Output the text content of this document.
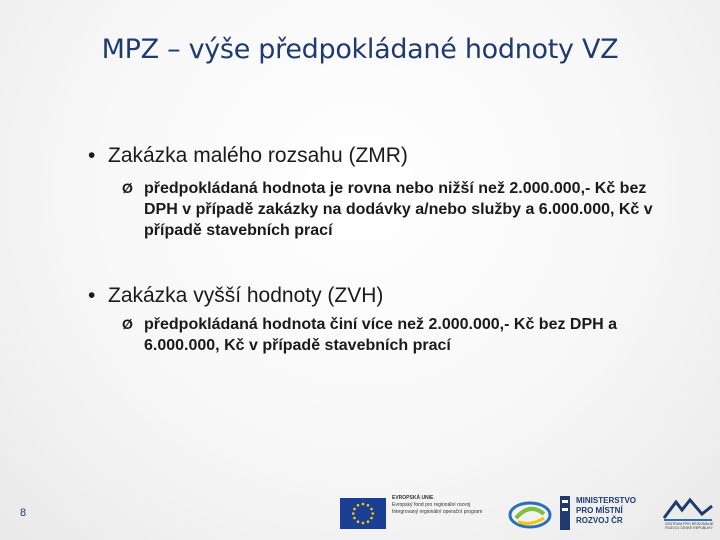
MPZ – výše předpokládané hodnoty VZ
• Zakázka malého rozsahu (ZMR)
Ø předpokládaná hodnota je rovna nebo nižší než 2.000.000,- Kč bez DPH v případě zakázky na dodávky a/nebo služby a 6.000.000, Kč v případě stavebních prací
• Zakázka vyšší hodnoty (ZVH)
Ø předpokládaná hodnota činí více než 2.000.000,- Kč bez DPH a 6.000.000, Kč v případě stavebních prací
8
EVROPSKÁ UNIE
Evropský fond pro regionální rozvoj
Integrovaný regionální operační program
MINISTERSTVO
PRO MÍSTNÍ
ROZVOJ ČR	CENTRUM PRO REGIONÁLNÍ ROZVOJ ČESKÉ REPUBLIKY
